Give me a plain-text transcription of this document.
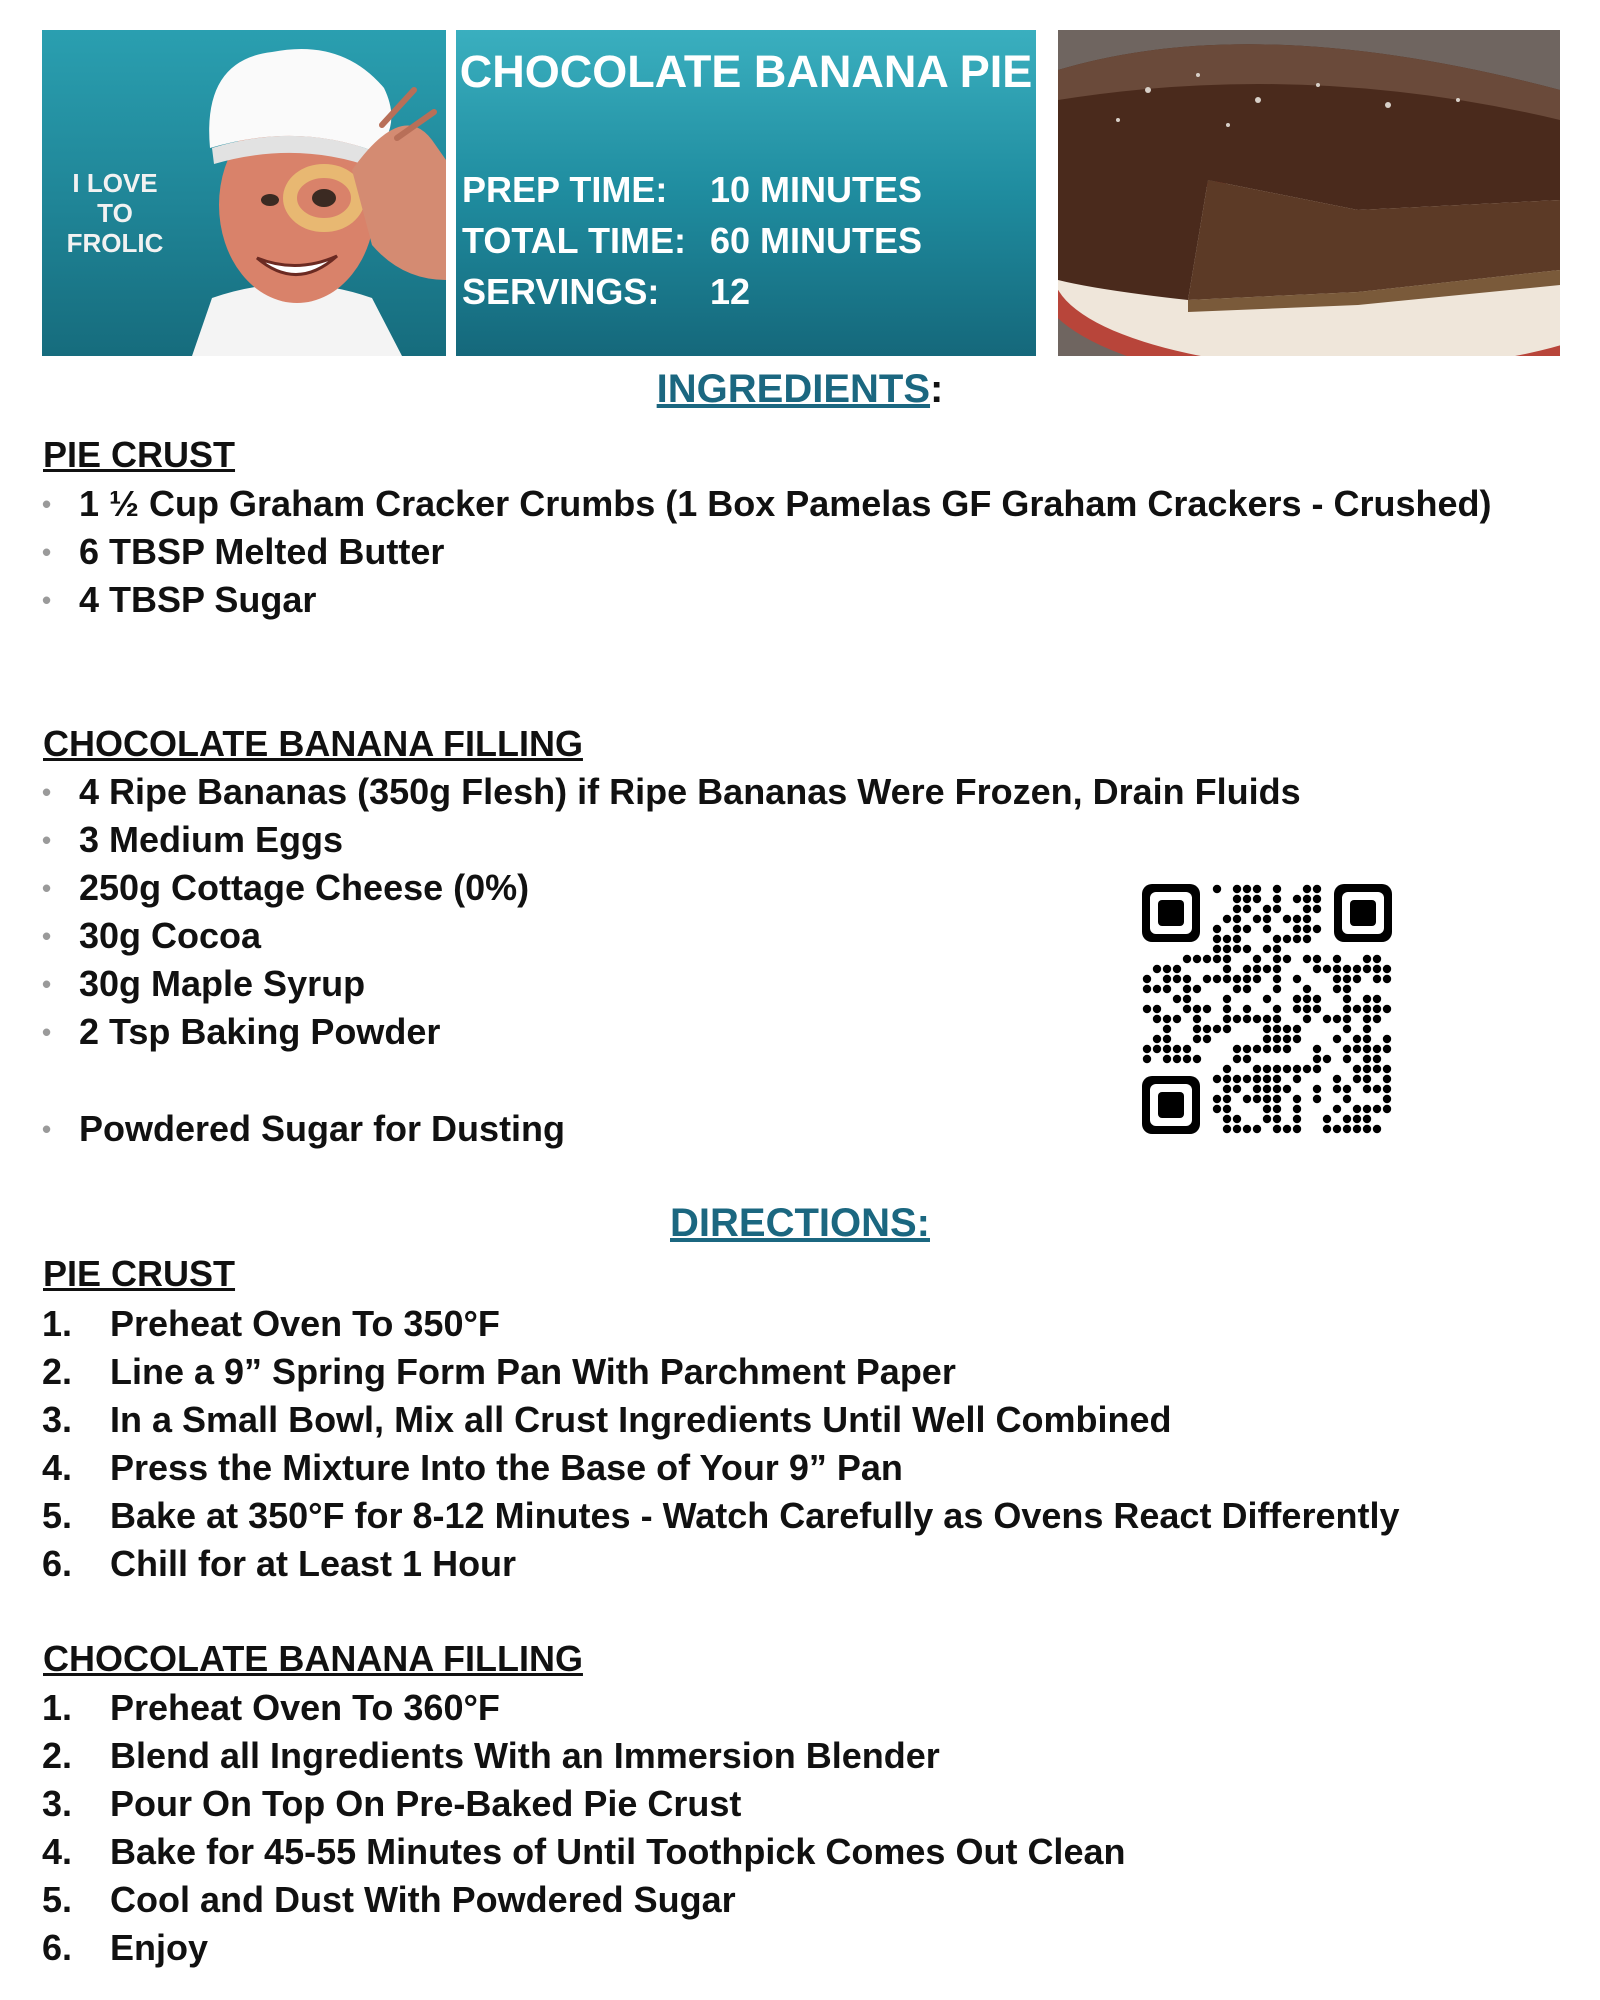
I LOVE TO FROLIC
CHOCOLATE BANANA PIE
PREP TIME: 10 MINUTES
TOTAL TIME: 60 MINUTES
SERVINGS: 12
INGREDIENTS:
PIE CRUST
• 1 ½ Cup Graham Cracker Crumbs (1 Box Pamelas GF Graham Crackers - Crushed)
• 6 TBSP Melted Butter
• 4 TBSP Sugar
CHOCOLATE BANANA FILLING
• 4 Ripe Bananas (350g Flesh) if Ripe Bananas Were Frozen, Drain Fluids
• 3 Medium Eggs
• 250g Cottage Cheese (0%)
• 30g Cocoa
• 30g Maple Syrup
• 2 Tsp Baking Powder
• Powdered Sugar for Dusting
DIRECTIONS:
PIE CRUST
1. Preheat Oven To 350°F
2. Line a 9” Spring Form Pan With Parchment Paper
3. In a Small Bowl, Mix all Crust Ingredients Until Well Combined
4. Press the Mixture Into the Base of Your 9” Pan
5. Bake at 350°F for 8-12 Minutes - Watch Carefully as Ovens React Differently
6. Chill for at Least 1 Hour
CHOCOLATE BANANA FILLING
1. Preheat Oven To 360°F
2. Blend all Ingredients With an Immersion Blender
3. Pour On Top On Pre-Baked Pie Crust
4. Bake for 45-55 Minutes of Until Toothpick Comes Out Clean
5. Cool and Dust With Powdered Sugar
6. Enjoy
